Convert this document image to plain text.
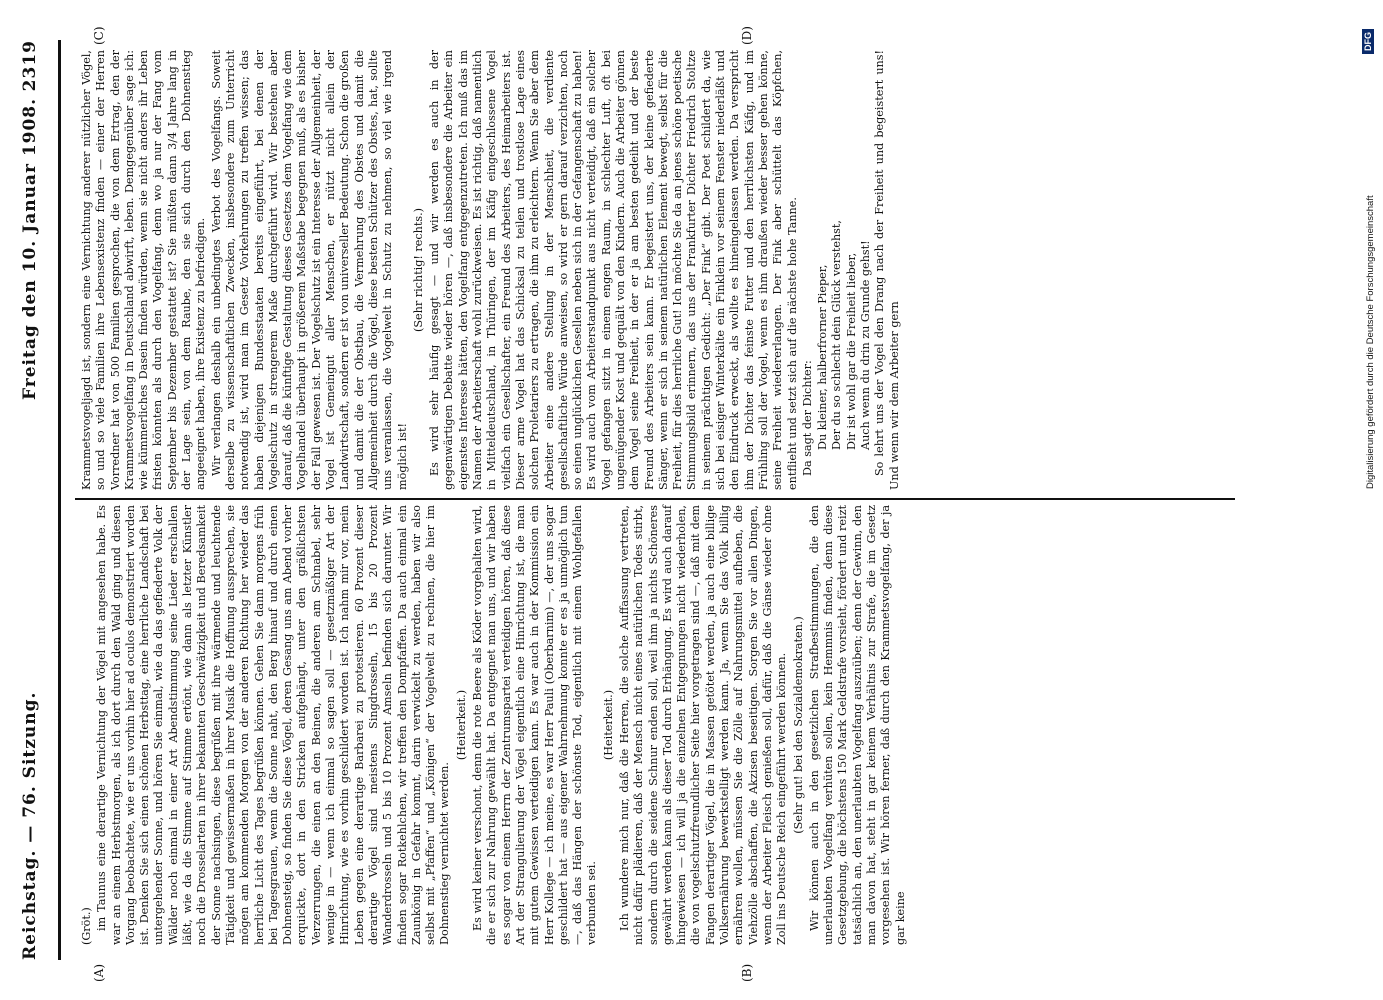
Reichstag. — 76. Sitzung.
Freitag den 10. Januar 1908.
2319
(A)	(B)
(C)	(D)

(Gröt.) im Taunus eine derartige Vernichtung der Vögel mit angesehen habe. Es war an einem Herbstmorgen, als ich dort durch den Wald ging und diesen Vorgang beobachtete, wie er uns vorhin hier ad oculos demonstriert worden ist. Denken Sie sich einen schönen Herbsttag, eine herrliche Landschaft bei untergehender Sonne, und hören Sie einmal, wie da das gefiederte Volk der Wälder noch einmal in einer Art Abendstimmung seine Lieder erschallen läßt, wie da die Stimme auf Stimme ertönt, wie dann als letzter Künstler noch die Drosselarten in ihrer bekannten Geschwätzigkeit und Beredsamkeit der Sonne nachsingen, diese begrüßen mit ihre wärmende und leuchtende Tätigkeit und gewissermaßen in ihrer Musik die Hoffnung aussprechen, sie mögen am kommenden Morgen von der anderen Richtung her wieder das herrliche Licht des Tages begrüßen können. Gehen Sie dann morgens früh bei Tagesgrauen, wenn die Sonne naht, den Berg hinauf und durch einen Dohnensteig, so finden Sie diese Vögel, deren Gesang uns am Abend vorher erquickte, dort in den Stricken aufgehängt, unter den gräßlichsten Verzerrungen, die einen an den Beinen, die anderen am Schnabel, sehr wenige in — wenn ich einmal so sagen soll — gesetzmäßiger Art der Hinrichtung, wie es vorhin geschildert worden ist. Ich nahm mir vor, mein Leben gegen eine derartige Barbarei zu protestieren. 60 Prozent dieser derartige Vögel sind meistens Singdrosseln, 15 bis 20 Prozent Wanderdrosseln und 5 bis 10 Prozent Amseln befinden sich darunter. Wir finden sogar Rotkehlchen, wir treffen den Dompfaffen. Da auch einmal ein Zaunkönig in Gefahr kommt, darin verwickelt zu werden, haben wir also selbst mit „Pfaffen“ und „Königen“ der Vogelwelt zu rechnen, die hier im Dohnenstieg vernichtet werden.

(Heiterkeit.) Es wird keiner verschont, denn die rote Beere als Köder vorgehalten wird, die er sich zur Nahrung gewählt hat. Da entgegnet man uns, und wir haben es sogar von einem Herrn der Zentrumspartei verteidigen hören, daß diese Art der Strangulierung der Vögel eigentlich eine Hinrichtung ist, die man mit gutem Gewissen verteidigen kann. Es war auch in der Kommission ein Herr Kollege — ich meine, es war Herr Pauli (Oberbarnim) —, der uns sogar geschildert hat — aus eigener Wahrnehmung konnte er es ja unmöglich tun —, daß das Hängen der schönste Tod, eigentlich mit einem Wohlgefallen verbunden sei.

(Heiterkeit.) Ich wundere mich nur, daß die Herren, die solche Auffassung vertreten, nicht dafür plädieren, daß der Mensch nicht eines natürlichen Todes stirbt, sondern durch die seidene Schnur enden soll, weil ihm ja nichts Schöneres gewährt werden kann als dieser Tod durch Erhängung. Es wird auch darauf hingewiesen — ich will ja die einzelnen Entgegnungen nicht wiederholen, die von vogelschutzfreundlicher Seite hier vorgetragen sind —, daß mit dem Fangen derartiger Vögel, die in Massen getötet werden, ja auch eine billige Volksernährung bewerkstelligt werden kann. Ja, wenn Sie das Volk billig ernähren wollen, müssen Sie die Zölle auf Nahrungsmittel aufheben, die Viehzölle abschaffen, die Akzisen beseitigen. Sorgen Sie vor allen Dingen, wenn der Arbeiter Fleisch genießen soll, dafür, daß die Gänse wieder ohne Zoll ins Deutsche Reich eingeführt werden können. (Sehr gut! bei den Sozialdemokraten.) Wir können auch in den gesetzlichen Strafbestimmungen, die den unerlaubten Vogelfang verhüten sollen, kein Hemmnis finden, denn diese Gesetzgebung, die höchstens 150 Mark Geldstrafe vorsieht, fördert und reizt tatsächlich an, den unerlaubten Vogelfang auszuüben; denn der Gewinn, den man davon hat, steht in gar keinem Verhältnis zur Strafe, die im Gesetz vorgesehen ist. Wir hören ferner, daß durch den Krammetsvogelfang, der ja gar keine

Krammetsvogeljagd ist, sondern eine Vernichtung anderer nützlicher Vögel, so und so viele Familien ihre Lebensexistenz finden — einer der Herren Vorredner hat von 500 Familien gesprochen, die von dem Ertrag, den der Krammetsvogelfang in Deutschland abwirft, leben. Demgegenüber sage ich: wie kümmerliches Dasein finden würden, wenn sie nicht anders ihr Leben fristen könnten als durch den Vogelfang, denn wo ja nur der Fang vom September bis Dezember gestattet ist? Sie müßten dann 3/4 Jahre lang in der Lage sein, von dem Raube, den sie sich durch den Dohnenstieg angeeignet haben, ihre Existenz zu befriedigen. Wir verlangen deshalb ein unbedingtes Verbot des Vogelfangs. Soweit derselbe zu wissenschaftlichen Zwecken, insbesondere zum Unterricht notwendig ist, wird man im Gesetz Vorkehrungen zu treffen wissen; das haben diejenigen Bundesstaaten bereits eingeführt, bei denen der Vogelschutz in strengerem Maße durchgeführt wird. Wir bestehen aber darauf, daß die künftige Gestaltung dieses Gesetzes dem Vogelfang wie dem Vogelhandel überhaupt in größerem Maßstabe begegnen muß, als es bisher der Fall gewesen ist. Der Vogelschutz ist ein Interesse der Allgemeinheit, der Vogel ist Gemeingut aller Menschen, er nützt nicht allein der Landwirtschaft, sondern er ist von universeller Bedeutung. Schon die großen und damit die der Obstbau, die Vermehrung des Obstes und damit die Allgemeinheit durch die Vögel, diese besten Schützer des Obstes, hat, sollte uns veranlassen, die Vogelwelt in Schutz zu nehmen, so viel wie irgend möglich ist!

(Sehr richtig! rechts.) Es wird sehr häufig gesagt — und wir werden es auch in der gegenwärtigen Debatte wieder hören —, daß insbesondere die Arbeiter ein eigenstes Interesse hätten, den Vogelfang entgegenzutreten. Ich muß das im Namen der Arbeiterschaft wohl zurückweisen. Es ist richtig, daß namentlich in Mitteldeutschland, in Thüringen, der im Käfig eingeschlossene Vogel vielfach ein Gesellschafter, ein Freund des Arbeiters, des Heimarbeiters ist. Dieser arme Vogel hat das Schicksal zu teilen und trostlose Lage eines solchen Proletariers zu ertragen, die ihm zu erleichtern. Wenn Sie aber dem Arbeiter eine andere Stellung in der Menschheit, die verdiente gesellschaftliche Würde anweisen, so wird er gern darauf verzichten, noch so einen unglücklichen Gesellen neben sich in der Gefangenschaft zu haben! Es wird auch vom Arbeiterstandpunkt aus nicht verteidigt, daß ein solcher Vogel gefangen sitzt in einem engen Raum, in schlechter Luft, oft bei ungenügender Kost und gequält von den Kindern. Auch die Arbeiter gönnen dem Vogel seine Freiheit, in der er ja am besten gedeiht und der beste Freund des Arbeiters sein kann. Er begeistert uns, der kleine gefiederte Sänger, wenn er sich in seinem natürlichen Element bewegt, selbst für die Freiheit, für dies herrliche Gut! Ich möchte Sie da an jenes schöne poetische Stimmungsbild erinnern, das uns der Frankfurter Dichter Friedrich Stoltze in seinem prächtigen Gedicht: „Der Fink“ gibt. Der Poet schildert da, wie sich bei eisiger Winterkälte ein Finklein vor seinem Fenster niederläßt und den Eindruck erweckt, als wollte es hineingelassen werden. Da verspricht ihm der Dichter das feinste Futter und den herrlichsten Käfig, und im Frühling soll der Vogel, wenn es ihm draußen wieder besser gehen könne, seine Freiheit wiedererlangen. Der Fink aber schüttelt das Köpfchen, entflieht und setzt sich auf die nächste hohe Tanne. Da sagt der Dichter: Du kleiner, halberfrorner Pieper, Der du so schlecht dein Glück verstehst, Dir ist wohl gar die Freiheit lieber, Auch wenn du drin zu Grunde gehst! So lehrt uns der Vogel den Drang nach der Freiheit und begeistert uns! Und wenn wir dem Arbeiter gern

DFG
Digitalisierung gefördert durch die Deutsche Forschungsgemeinschaft
